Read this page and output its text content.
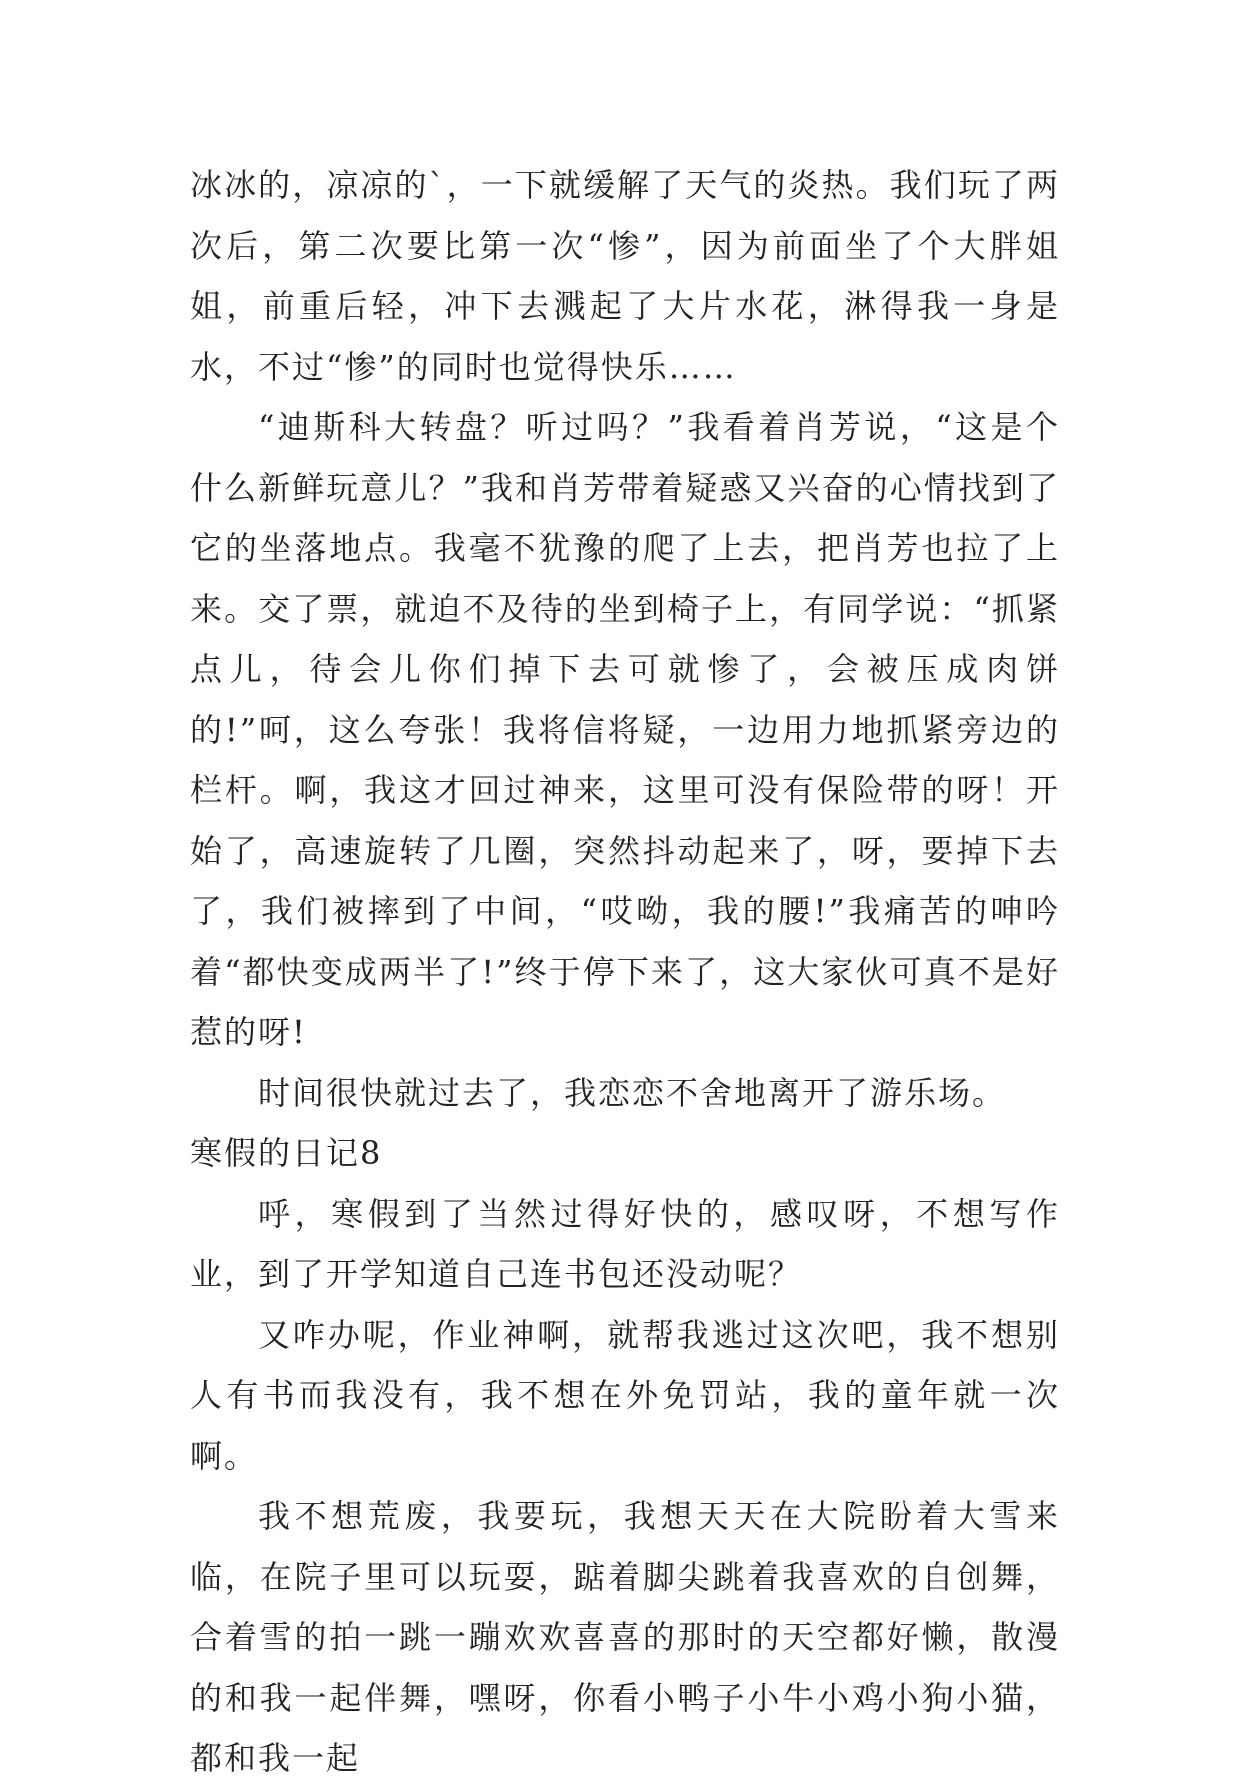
冰冰的，凉凉的`，一下就缓解了天气的炎热。我们玩了两次后，第二次要比第一次“惨”，因为前面坐了个大胖姐姐，前重后轻，冲下去溅起了大片水花，淋得我一身是水，不过“惨”的同时也觉得快乐……

“迪斯科大转盘？听过吗？”我看着肖芳说，“这是个什么新鲜玩意儿？”我和肖芳带着疑惑又兴奋的心情找到了它的坐落地点。我毫不犹豫的爬了上去，把肖芳也拉了上来。交了票，就迫不及待的坐到椅子上，有同学说：“抓紧点儿，待会儿你们掉下去可就惨了，会被压成肉饼的!”呵，这么夸张！我将信将疑，一边用力地抓紧旁边的栏杆。啊，我这才回过神来，这里可没有保险带的呀！开始了，高速旋转了几圈，突然抖动起来了，呀，要掉下去了，我们被摔到了中间，“哎呦，我的腰!”我痛苦的呻吟着“都快变成两半了!”终于停下来了，这大家伙可真不是好惹的呀!

时间很快就过去了，我恋恋不舍地离开了游乐场。

寒假的日记8

呼，寒假到了当然过得好快的，感叹呀，不想写作业，到了开学知道自己连书包还没动呢？

又咋办呢，作业神啊，就帮我逃过这次吧，我不想别人有书而我没有，我不想在外免罚站，我的童年就一次啊。

我不想荒废，我要玩，我想天天在大院盼着大雪来临，在院子里可以玩耍，踮着脚尖跳着我喜欢的自创舞，合着雪的拍一跳一蹦欢欢喜喜的那时的天空都好懒，散漫的和我一起伴舞，嘿呀，你看小鸭子小牛小鸡小狗小猫，都和我一起
